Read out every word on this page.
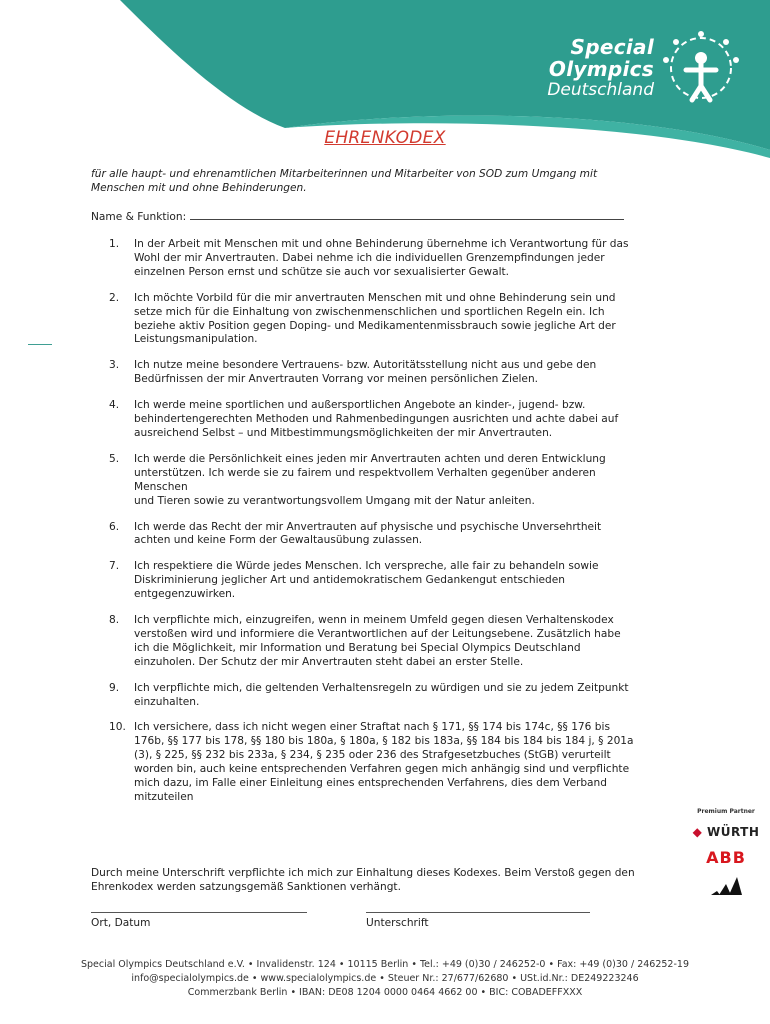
Special
Olympics
Deutschland
EHRENKODEX
für alle haupt- und ehrenamtlichen Mitarbeiterinnen und Mitarbeiter von SOD zum Umgang mit Menschen mit und ohne Behinderungen.
Name & Funktion:
1. In der Arbeit mit Menschen mit und ohne Behinderung übernehme ich Verantwortung für das Wohl der mir Anvertrauten. Dabei nehme ich die individuellen Grenzempfindungen jeder einzelnen Person ernst und schütze sie auch vor sexualisierter Gewalt.
2. Ich möchte Vorbild für die mir anvertrauten Menschen mit und ohne Behinderung sein und setze mich für die Einhaltung von zwischenmenschlichen und sportlichen Regeln ein. Ich beziehe aktiv Position gegen Doping- und Medikamentenmissbrauch sowie jegliche Art der Leistungsmanipulation.
3. Ich nutze meine besondere Vertrauens- bzw. Autoritätsstellung nicht aus und gebe den Bedürfnissen der mir Anvertrauten Vorrang vor meinen persönlichen Zielen.
4. Ich werde meine sportlichen und außersportlichen Angebote an kinder-, jugend- bzw. behindertengerechten Methoden und Rahmenbedingungen ausrichten und achte dabei auf ausreichend Selbst – und Mitbestimmungsmöglichkeiten der mir Anvertrauten.
5. Ich werde die Persönlichkeit eines jeden mir Anvertrauten achten und deren Entwicklung unterstützen. Ich werde sie zu fairem und respektvollem Verhalten gegenüber anderen Menschen
und Tieren sowie zu verantwortungsvollem Umgang mit der Natur anleiten.
6. Ich werde das Recht der mir Anvertrauten auf physische und psychische Unversehrtheit achten und keine Form der Gewaltausübung zulassen.
7. Ich respektiere die Würde jedes Menschen. Ich verspreche, alle fair zu behandeln sowie Diskriminierung jeglicher Art und antidemokratischem Gedankengut entschieden entgegenzuwirken.
8. Ich verpflichte mich, einzugreifen, wenn in meinem Umfeld gegen diesen Verhaltenskodex verstoßen wird und informiere die Verantwortlichen auf der Leitungsebene. Zusätzlich habe ich die Möglichkeit, mir Information und Beratung bei Special Olympics Deutschland einzuholen. Der Schutz der mir Anvertrauten steht dabei an erster Stelle.
9. Ich verpflichte mich, die geltenden Verhaltensregeln zu würdigen und sie zu jedem Zeitpunkt einzuhalten.
10. Ich versichere, dass ich nicht wegen einer Straftat nach § 171, §§ 174 bis 174c, §§ 176 bis 176b, §§ 177 bis 178, §§ 180 bis 180a, § 180a, § 182 bis 183a, §§ 184 bis 184 bis 184 j, § 201a (3), § 225, §§ 232 bis 233a, § 234, § 235 oder 236 des Strafgesetzbuches (StGB) verurteilt worden bin, auch keine entsprechenden Verfahren gegen mich anhängig sind und verpflichte mich dazu, im Falle einer Einleitung eines entsprechenden Verfahrens, dies dem Verband mitzuteilen
Durch meine Unterschrift verpflichte ich mich zur Einhaltung dieses Kodexes. Beim Verstoß gegen den Ehrenkodex werden satzungsgemäß Sanktionen verhängt.
Ort, Datum	Unterschrift
Premium Partner
◆ WÜRTH
ABB
Special Olympics Deutschland e.V. • Invalidenstr. 124 • 10115 Berlin • Tel.: +49 (0)30 / 246252-0 • Fax: +49 (0)30 / 246252-19
info@specialolympics.de • www.specialolympics.de • Steuer Nr.: 27/677/62680 • USt.id.Nr.: DE249223246
Commerzbank Berlin • IBAN: DE08 1204 0000 0464 4662 00 • BIC: COBADEFFXXX
